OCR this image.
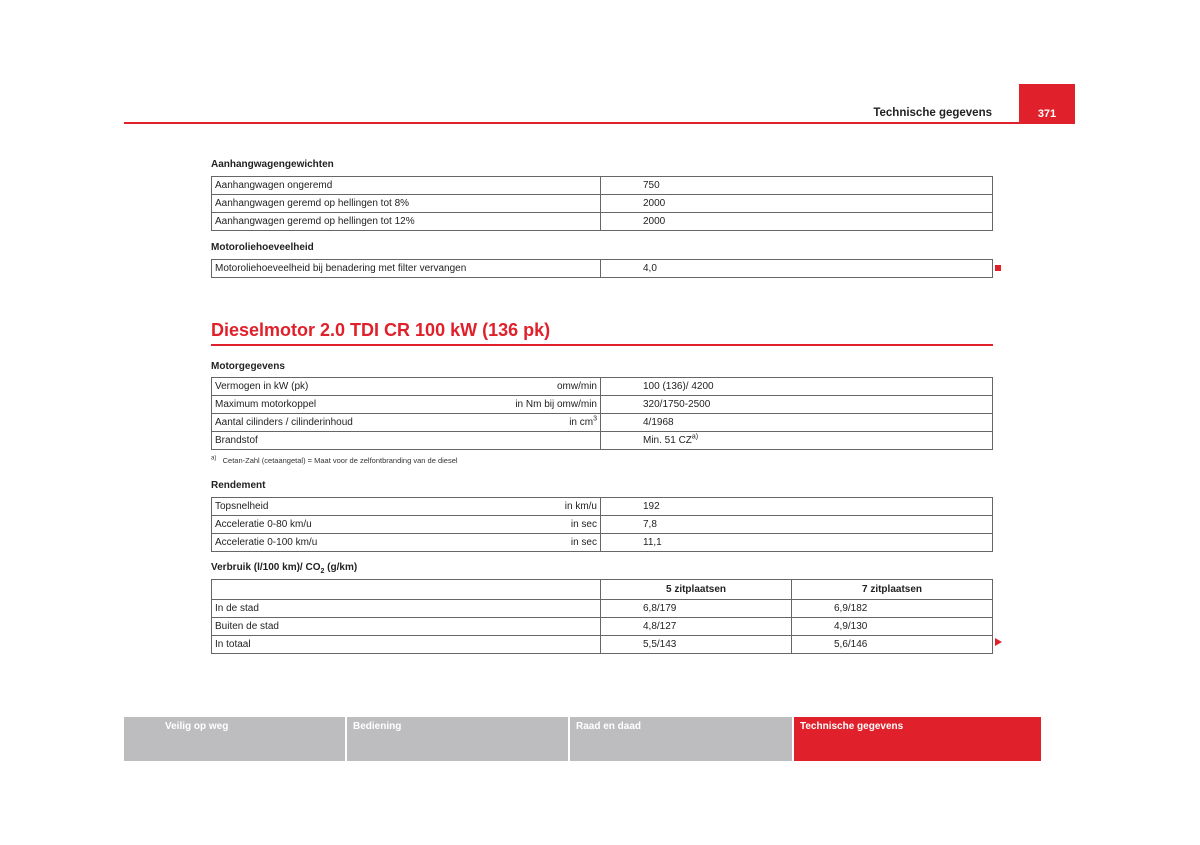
Technische gegevens	371
Aanhangwagengewichten
Aanhangwagen ongeremd	750
Aanhangwagen geremd op hellingen tot 8%	2000
Aanhangwagen geremd op hellingen tot 12%	2000
Motoroliehoeveelheid
Motoroliehoeveelheid bij benadering met filter vervangen	4,0
Dieselmotor 2.0 TDI CR 100 kW (136 pk)
Motorgegevens
Vermogen in kW (pk) omw/min	100 (136)/ 4200

Maximum motorkoppel in Nm bij omw/min	320/1750-2500

Aantal cilinders / cilinderinhoud in $cm^3$	4/1968

Brandstof	Min. 51 CZ$^{a)}$
$^{a)}$ Cetan-Zahl (cetaangetal) = Maat voor de zelfontbranding van de diesel
Rendement
Topsnelheid in km/u	192

Acceleratie 0-80 km/u in sec	7,8

Acceleratie 0-100 km/u in sec	11,1
Verbruik (l/100 km)/ $CO_2$ (g/km)
	5 zitplaatsen	7 zitplaatsen
In de stad	6,8/179	6,9/182
Buiten de stad	4,8/127	4,9/130
In totaal	5,5/143	5,6/146
Veilig op weg	Bediening	Raad en daad	Technische gegevens
